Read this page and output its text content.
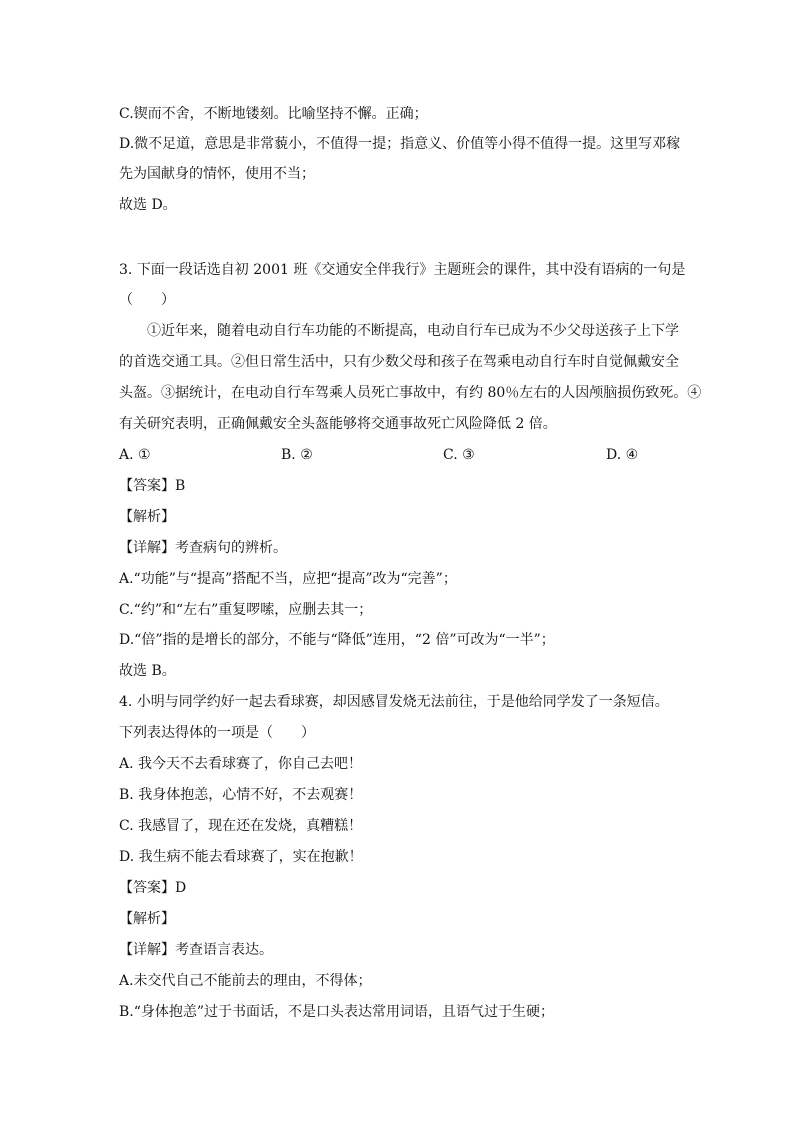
C.锲而不舍，不断地镂刻。比喻坚持不懈。正确；
D.微不足道，意思是非常藐小，不值得一提；指意义、价值等小得不值得一提。这里写邓稼
先为国献身的情怀，使用不当；
故选 D。
3. 下面一段话选自初 2001 班《交通安全伴我行》主题班会的课件，其中没有语病的一句是
（　　）
①近年来，随着电动自行车功能的不断提高，电动自行车已成为不少父母送孩子上下学
的首选交通工具。②但日常生活中，只有少数父母和孩子在驾乘电动自行车时自觉佩戴安全
头盔。③据统计，在电动自行车驾乘人员死亡事故中，有约 80％左右的人因颅脑损伤致死。④
有关研究表明，正确佩戴安全头盔能够将交通事故死亡风险降低 2 倍。
A. ①	B. ②	C. ③	D. ④
【答案】B
【解析】
【详解】考查病句的辨析。
A.“功能”与“提高”搭配不当，应把“提高”改为“完善”；
C.“约”和“左右”重复啰嗦，应删去其一；
D.“倍”指的是增长的部分，不能与“降低”连用，“2 倍”可改为“一半”；
故选 B。
4. 小明与同学约好一起去看球赛，却因感冒发烧无法前往，于是他给同学发了一条短信。
下列表达得体的一项是（　　）
A. 我今天不去看球赛了，你自己去吧！
B. 我身体抱恙，心情不好，不去观赛！
C. 我感冒了，现在还在发烧，真糟糕！
D. 我生病不能去看球赛了，实在抱歉！
【答案】D
【解析】
【详解】考查语言表达。
A.未交代自己不能前去的理由，不得体；
B.“身体抱恙”过于书面话，不是口头表达常用词语，且语气过于生硬；
